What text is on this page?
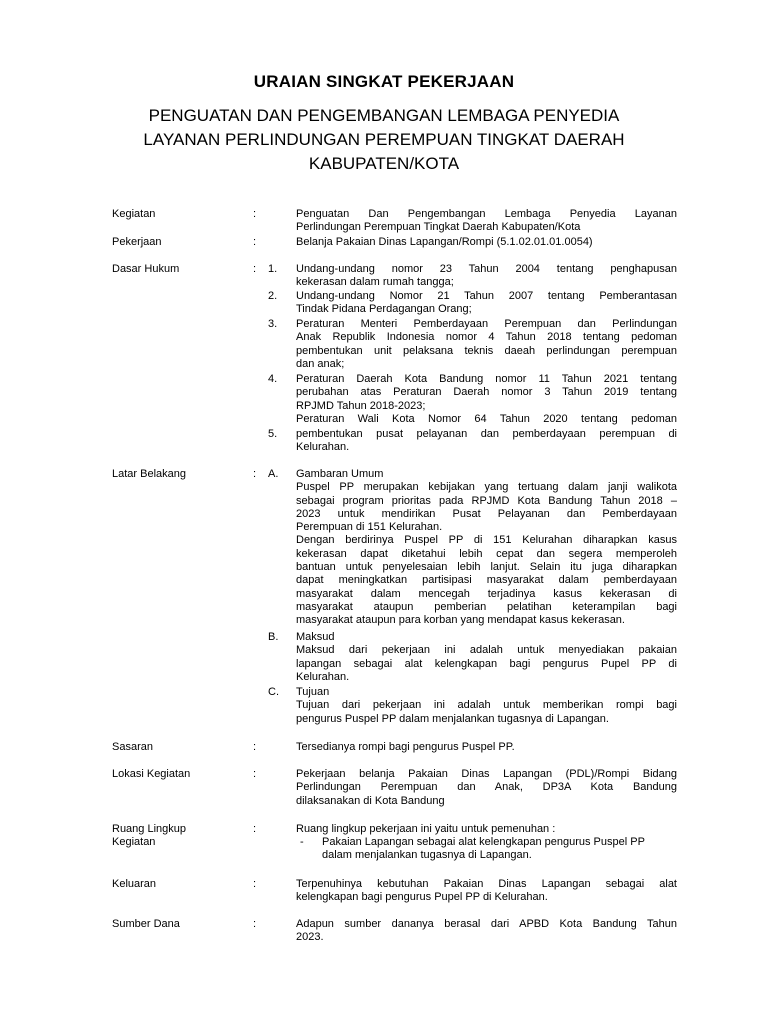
URAIAN SINGKAT PEKERJAAN
PENGUATAN DAN PENGEMBANGAN LEMBAGA PENYEDIA
LAYANAN PERLINDUNGAN PEREMPUAN TINGKAT DAERAH
KABUPATEN/KOTA
Kegiatan	:	Penguatan Dan Pengembangan Lembaga Penyedia Layanan
Perlindungan Perempuan Tingkat Daerah Kabupaten/Kota
Pekerjaan	:	Belanja Pakaian Dinas Lapangan/Rompi (5.1.02.01.01.0054)
Dasar Hukum	:	1.	Undang-undang nomor 23 Tahun 2004 tentang penghapusan
kekerasan dalam rumah tangga;
2.	Undang-undang Nomor 21 Tahun 2007 tentang Pemberantasan
Tindak Pidana Perdagangan Orang;
3.	Peraturan Menteri Pemberdayaan Perempuan dan Perlindungan
Anak Republik Indonesia nomor 4 Tahun 2018 tentang pedoman
pembentukan unit pelaksana teknis daeah perlindungan perempuan
dan anak;
4.	Peraturan Daerah Kota Bandung nomor 11 Tahun 2021 tentang
perubahan atas Peraturan Daerah nomor 3 Tahun 2019 tentang
RPJMD Tahun 2018-2023;
Peraturan Wali Kota Nomor 64 Tahun 2020 tentang pedoman
5.	pembentukan pusat pelayanan dan pemberdayaan perempuan di
Kelurahan.
Latar Belakang	:	A.	Gambaran Umum
Puspel PP merupakan kebijakan yang tertuang dalam janji walikota
sebagai program prioritas pada RPJMD Kota Bandung Tahun 2018 –
2023 untuk mendirikan Pusat Pelayanan dan Pemberdayaan
Perempuan di 151 Kelurahan.
Dengan berdirinya Puspel PP di 151 Kelurahan diharapkan kasus
kekerasan dapat diketahui lebih cepat dan segera memperoleh
bantuan untuk penyelesaian lebih lanjut. Selain itu juga diharapkan
dapat meningkatkan partisipasi masyarakat dalam pemberdayaan
masyarakat dalam mencegah terjadinya kasus kekerasan di
masyarakat ataupun pemberian pelatihan keterampilan bagi
masyarakat ataupun para korban yang mendapat kasus kekerasan.
B.	Maksud
Maksud dari pekerjaan ini adalah untuk menyediakan pakaian
lapangan sebagai alat kelengkapan bagi pengurus Pupel PP di
Kelurahan.
C.	Tujuan
Tujuan dari pekerjaan ini adalah untuk memberikan rompi bagi
pengurus Puspel PP dalam menjalankan tugasnya di Lapangan.
Sasaran	:	Tersedianya rompi bagi pengurus Puspel PP.
Lokasi Kegiatan	:	Pekerjaan belanja Pakaian Dinas Lapangan (PDL)/Rompi Bidang
Perlindungan Perempuan dan Anak, DP3A Kota Bandung
dilaksanakan di Kota Bandung
Ruang Lingkup
Kegiatan
:	Ruang lingkup pekerjaan ini yaitu untuk pemenuhan :
- Pakaian Lapangan sebagai alat kelengkapan pengurus Puspel PP
dalam menjalankan tugasnya di Lapangan.
Keluaran	:	Terpenuhinya kebutuhan Pakaian Dinas Lapangan sebagai alat
kelengkapan bagi pengurus Pupel PP di Kelurahan.
Sumber Dana	:	Adapun sumber dananya berasal dari APBD Kota Bandung Tahun
2023.
